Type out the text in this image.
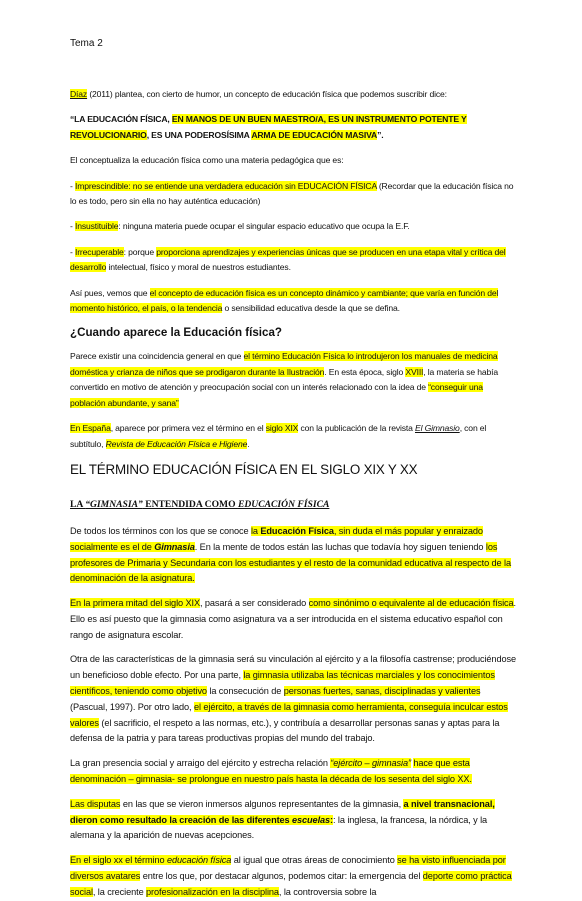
Tema 2

Díaz (2011) plantea, con cierto de humor, un concepto de educación física que podemos suscribir dice:

“LA EDUCACIÓN FÍSICA, EN MANOS DE UN BUEN MAESTRO/A, ES UN INSTRUMENTO POTENTE Y REVOLUCIONARIO, ES UNA PODEROSÍSIMA ARMA DE EDUCACIÓN MASIVA”.

El conceptualiza la educación física como una materia pedagógica que es:

- Imprescindible: no se entiende una verdadera educación sin EDUCACIÓN FÍSICA (Recordar que la educación física no lo es todo, pero sin ella no hay auténtica educación)

- Insustituible: ninguna materia puede ocupar el singular espacio educativo que ocupa la E.F.

- Irrecuperable: porque proporciona aprendizajes y experiencias únicas que se producen en una etapa vital y crítica del desarrollo intelectual, físico y moral de nuestros estudiantes.

Así pues, vemos que el concepto de educación física es un concepto dinámico y cambiante; que varía en función del momento histórico, el país, o la tendencia o sensibilidad educativa desde la que se defina.

¿Cuando aparece la Educación física?

Parece existir una coincidencia general en que el término Educación Física lo introdujeron los manuales de medicina doméstica y crianza de niños que se prodigaron durante la Ilustración. En esta época, siglo XVIII, la materia se había convertido en motivo de atención y preocupación social con un interés relacionado con la idea de “conseguir una población abundante, y sana”

En España, aparece por primera vez el término en el siglo XIX con la publicación de la revista El Gimnasio, con el subtítulo, Revista de Educación Física e Higiene.

EL TÉRMINO EDUCACIÓN FÍSICA EN EL SIGLO XIX Y XX

LA “GIMNASIA” ENTENDIDA COMO EDUCACIÓN FÍSICA

De todos los términos con los que se conoce la Educación Física, sin duda el más popular y enraizado socialmente es el de Gimnasia. En la mente de todos están las luchas que todavía hoy siguen teniendo los profesores de Primaria y Secundaria con los estudiantes y el resto de la comunidad educativa al respecto de la denominación de la asignatura.

En la primera mitad del siglo XIX, pasará a ser considerado como sinónimo o equivalente al de educación física. Ello es así puesto que la gimnasia como asignatura va a ser introducida en el sistema educativo español con rango de asignatura escolar.

Otra de las características de la gimnasia será su vinculación al ejército y a la filosofía castrense; produciéndose un beneficioso doble efecto. Por una parte, la gimnasia utilizaba las técnicas marciales y los conocimientos científicos, teniendo como objetivo la consecución de personas fuertes, sanas, disciplinadas y valientes (Pascual, 1997). Por otro lado, el ejército, a través de la gimnasia como herramienta, conseguía inculcar estos valores (el sacrificio, el respeto a las normas, etc.), y contribuía a desarrollar personas sanas y aptas para la defensa de la patria y para tareas productivas propias del mundo del trabajo.

La gran presencia social y arraigo del ejército y estrecha relación “ejército – gimnasia” hace que esta denominación – gimnasia- se prolongue en nuestro país hasta la década de los sesenta del siglo XX.

Las disputas en las que se vieron inmersos algunos representantes de la gimnasia, a nivel transnacional, dieron como resultado la creación de las diferentes escuelas:: la inglesa, la francesa, la nórdica, y la alemana y la aparición de nuevas acepciones.

En el siglo xx el término educación física al igual que otras áreas de conocimiento se ha visto influenciada por diversos avatares entre los que, por destacar algunos, podemos citar: la emergencia del deporte como práctica social, la creciente profesionalización en la disciplina, la controversia sobre la
